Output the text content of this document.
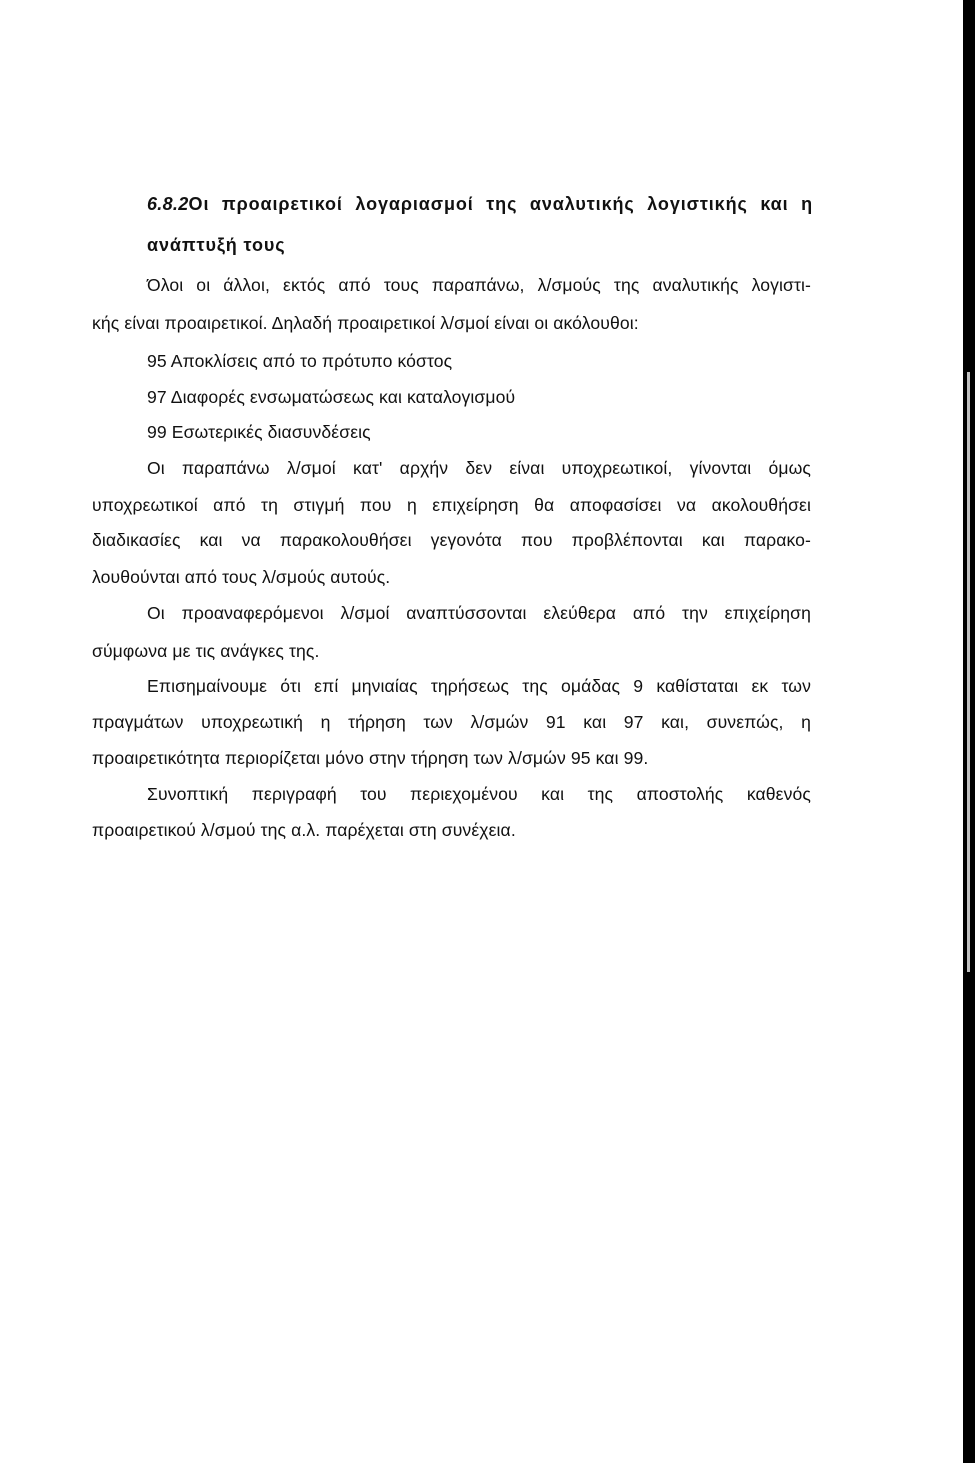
6.8.2Οι προαιρετικοί λογαριασμοί της αναλυτικής λογιστικής και η
ανάπτυξή τους
Όλοι οι άλλοι, εκτός από τους παραπάνω, λ/σμούς της αναλυτικής λογιστι-
κής είναι προαιρετικοί. Δηλαδή προαιρετικοί λ/σμοί είναι οι ακόλουθοι:
95 Αποκλίσεις από το πρότυπο κόστος
97 Διαφορές ενσωματώσεως και καταλογισμού
99 Εσωτερικές διασυνδέσεις
Οι παραπάνω λ/σμοί κατ' αρχήν δεν είναι υποχρεωτικοί, γίνονται όμως
υποχρεωτικοί από τη στιγμή που η επιχείρηση θα αποφασίσει να ακολουθήσει
διαδικασίες και να παρακολουθήσει γεγονότα που προβλέπονται και παρακο-
λουθούνται από τους λ/σμούς αυτούς.
Οι προαναφερόμενοι λ/σμοί αναπτύσσονται ελεύθερα από την επιχείρηση
σύμφωνα με τις ανάγκες της.
Επισημαίνουμε ότι επί μηνιαίας τηρήσεως της ομάδας 9 καθίσταται εκ των
πραγμάτων υποχρεωτική η τήρηση των λ/σμών 91 και 97 και, συνεπώς, η
προαιρετικότητα περιορίζεται μόνο στην τήρηση των λ/σμών 95 και 99.
Συνοπτική περιγραφή του περιεχομένου και της αποστολής καθενός
προαιρετικού λ/σμού της α.λ. παρέχεται στη συνέχεια.
